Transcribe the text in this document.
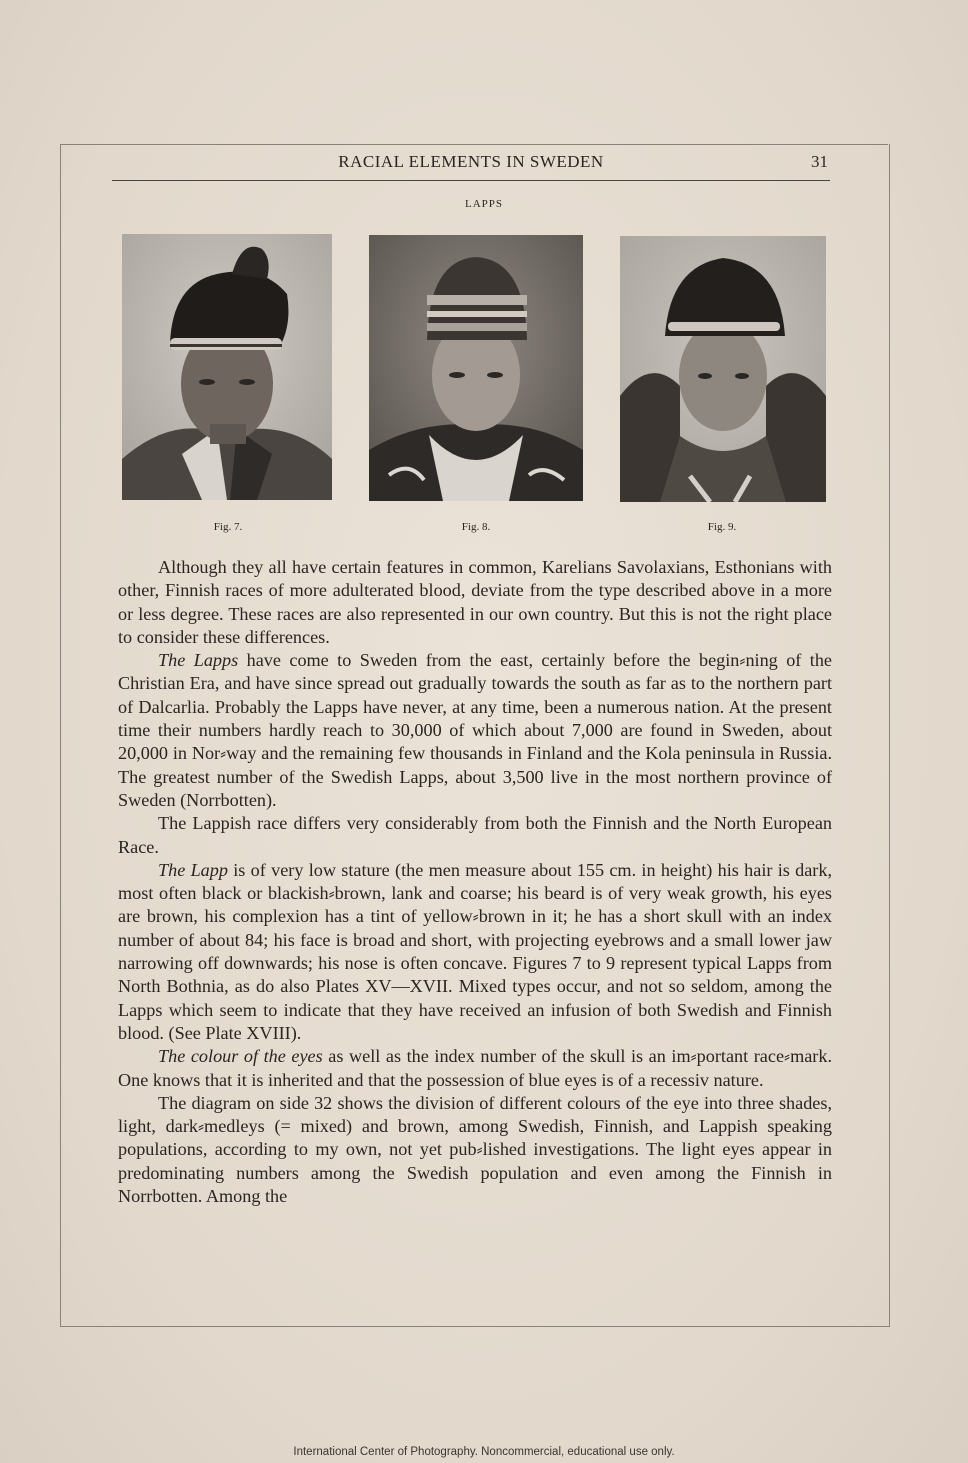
RACIAL ELEMENTS IN SWEDEN	31
LAPPS
Fig. 7.	Fig. 8.	Fig. 9.

Although they all have certain features in common, Karelians Savolaxians, Esthonians with other, Finnish races of more adulterated blood, deviate from the type described above in a more or less degree. These races are also represented in our own country. But this is not the right place to consider these differences.

The Lapps have come to Sweden from the east, certainly before the begin⸗ning of the Christian Era, and have since spread out gradually towards the south as far as to the northern part of Dalcarlia. Probably the Lapps have never, at any time, been a numerous nation. At the present time their numbers hardly reach to 30,000 of which about 7,000 are found in Sweden, about 20,000 in Nor⸗way and the remaining few thousands in Finland and the Kola peninsula in Russia. The greatest number of the Swedish Lapps, about 3,500 live in the most northern province of Sweden (Norrbotten).

The Lappish race differs very considerably from both the Finnish and the North European Race.

The Lapp is of very low stature (the men measure about 155 cm. in height) his hair is dark, most often black or blackish⸗brown, lank and coarse; his beard is of very weak growth, his eyes are brown, his complexion has a tint of yellow⸗brown in it; he has a short skull with an index number of about 84; his face is broad and short, with projecting eyebrows and a small lower jaw narrowing off downwards; his nose is often concave. Figures 7 to 9 represent typical Lapps from North Bothnia, as do also Plates XV—XVII. Mixed types occur, and not so seldom, among the Lapps which seem to indicate that they have received an infusion of both Swedish and Finnish blood. (See Plate XVIII).

The colour of the eyes as well as the index number of the skull is an im⸗portant race⸗mark. One knows that it is inherited and that the possession of blue eyes is of a recessiv nature.

The diagram on side 32 shows the division of different colours of the eye into three shades, light, dark⸗medleys (= mixed) and brown, among Swedish, Finnish, and Lappish speaking populations, according to my own, not yet pub⸗lished investigations. The light eyes appear in predominating numbers among the Swedish population and even among the Finnish in Norrbotten. Among the

International Center of Photography. Noncommercial, educational use only.
